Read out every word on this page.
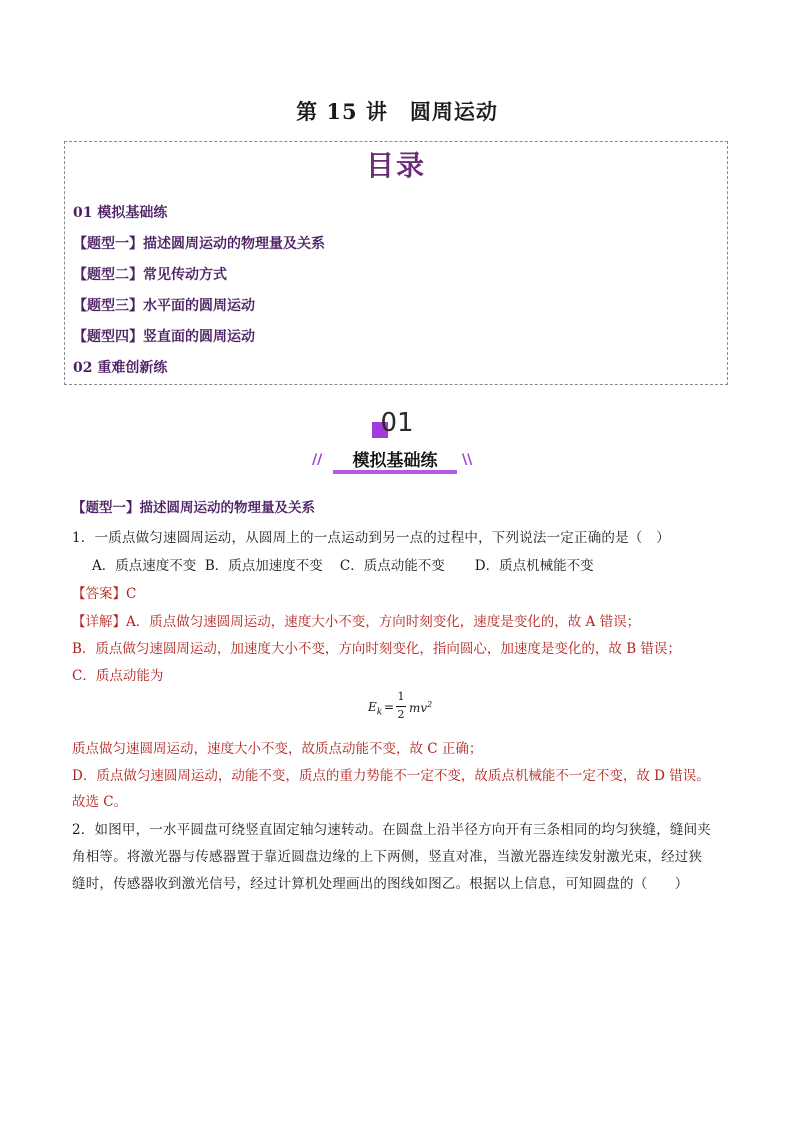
第 15 讲　圆周运动
目录
01 模拟基础练
【题型一】描述圆周运动的物理量及关系
【题型二】常见传动方式
【题型三】水平面的圆周运动
【题型四】竖直面的圆周运动
02 重难创新练
01
//	模拟基础练	\\
【题型一】描述圆周运动的物理量及关系
1．一质点做匀速圆周运动，从圆周上的一点运动到另一点的过程中，下列说法一定正确的是（　）
A．质点速度不变  B．质点加速度不变    C．质点动能不变       D．质点机械能不变
【答案】C
【详解】A．质点做匀速圆周运动，速度大小不变，方向时刻变化，速度是变化的，故 A 错误；
B．质点做匀速圆周运动，加速度大小不变，方向时刻变化，指向圆心，加速度是变化的，故 B 错误；
C．质点动能为
$E_k$ =
1
2 $mv^2$
质点做匀速圆周运动，速度大小不变，故质点动能不变，故 C 正确；
D．质点做匀速圆周运动，动能不变，质点的重力势能不一定不变，故质点机械能不一定不变，故 D 错误。
故选 C。
2．如图甲，一水平圆盘可绕竖直固定轴匀速转动。在圆盘上沿半径方向开有三条相同的均匀狭缝，缝间夹
角相等。将激光器与传感器置于靠近圆盘边缘的上下两侧，竖直对准，当激光器连续发射激光束，经过狭
缝时，传感器收到激光信号，经过计算机处理画出的图线如图乙。根据以上信息，可知圆盘的（　　）
